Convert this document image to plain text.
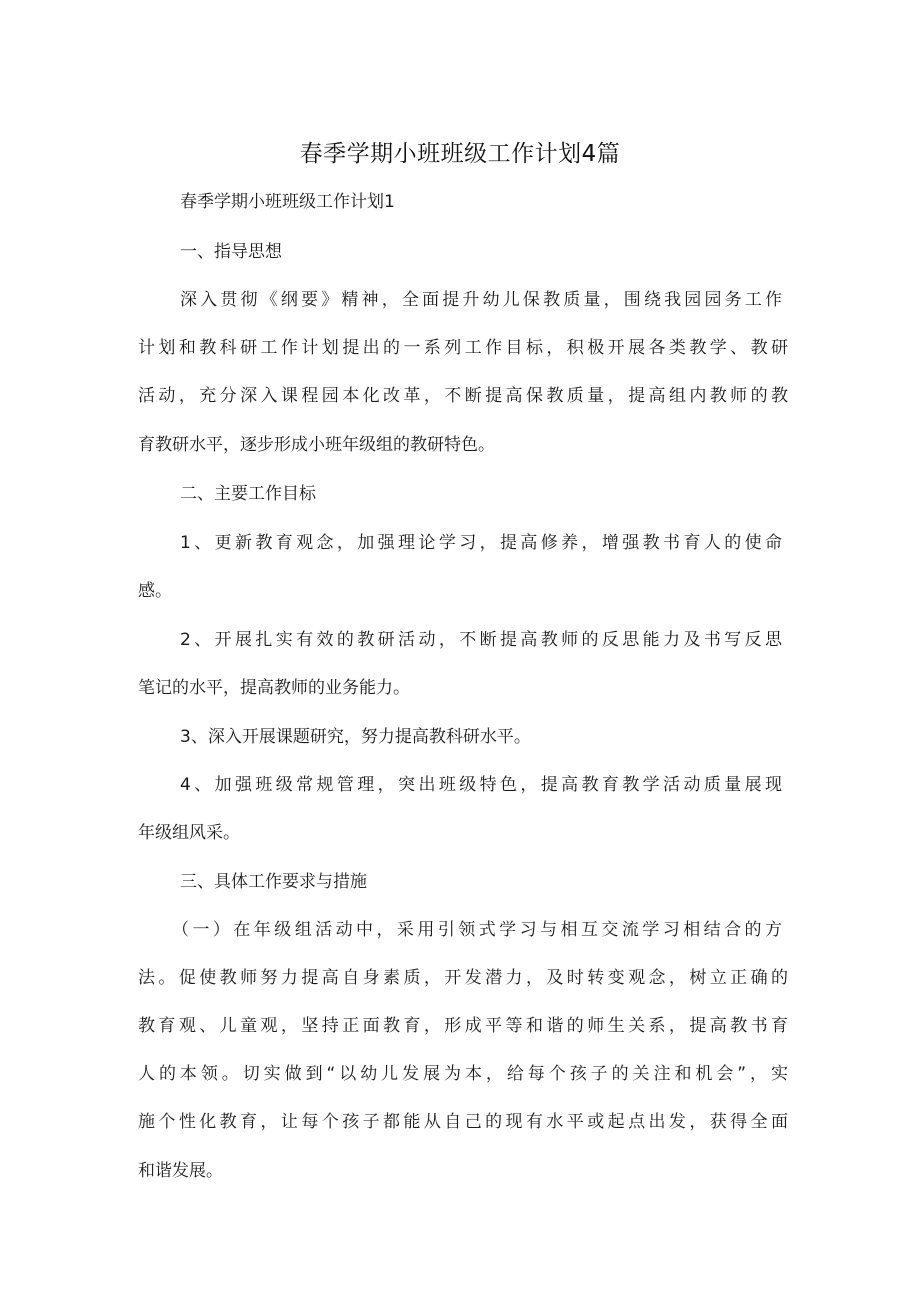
春季学期小班班级工作计划4篇
春季学期小班班级工作计划1
一、指导思想
深入贯彻《纲要》精神，全面提升幼儿保教质量，围绕我园园务工作
计划和教科研工作计划提出的一系列工作目标，积极开展各类教学、教研
活动，充分深入课程园本化改革，不断提高保教质量，提高组内教师的教
育教研水平，逐步形成小班年级组的教研特色。
二、主要工作目标
1、更新教育观念，加强理论学习，提高修养，增强教书育人的使命
感。
2、开展扎实有效的教研活动，不断提高教师的反思能力及书写反思
笔记的水平，提高教师的业务能力。
3、深入开展课题研究，努力提高教科研水平。
4、加强班级常规管理，突出班级特色，提高教育教学活动质量展现
年级组风采。
三、具体工作要求与措施
（一）在年级组活动中，采用引领式学习与相互交流学习相结合的方
法。促使教师努力提高自身素质，开发潜力，及时转变观念，树立正确的
教育观、儿童观，坚持正面教育，形成平等和谐的师生关系，提高教书育
人的本领。切实做到“以幼儿发展为本，给每个孩子的关注和机会”，实
施个性化教育，让每个孩子都能从自己的现有水平或起点出发，获得全面
和谐发展。
